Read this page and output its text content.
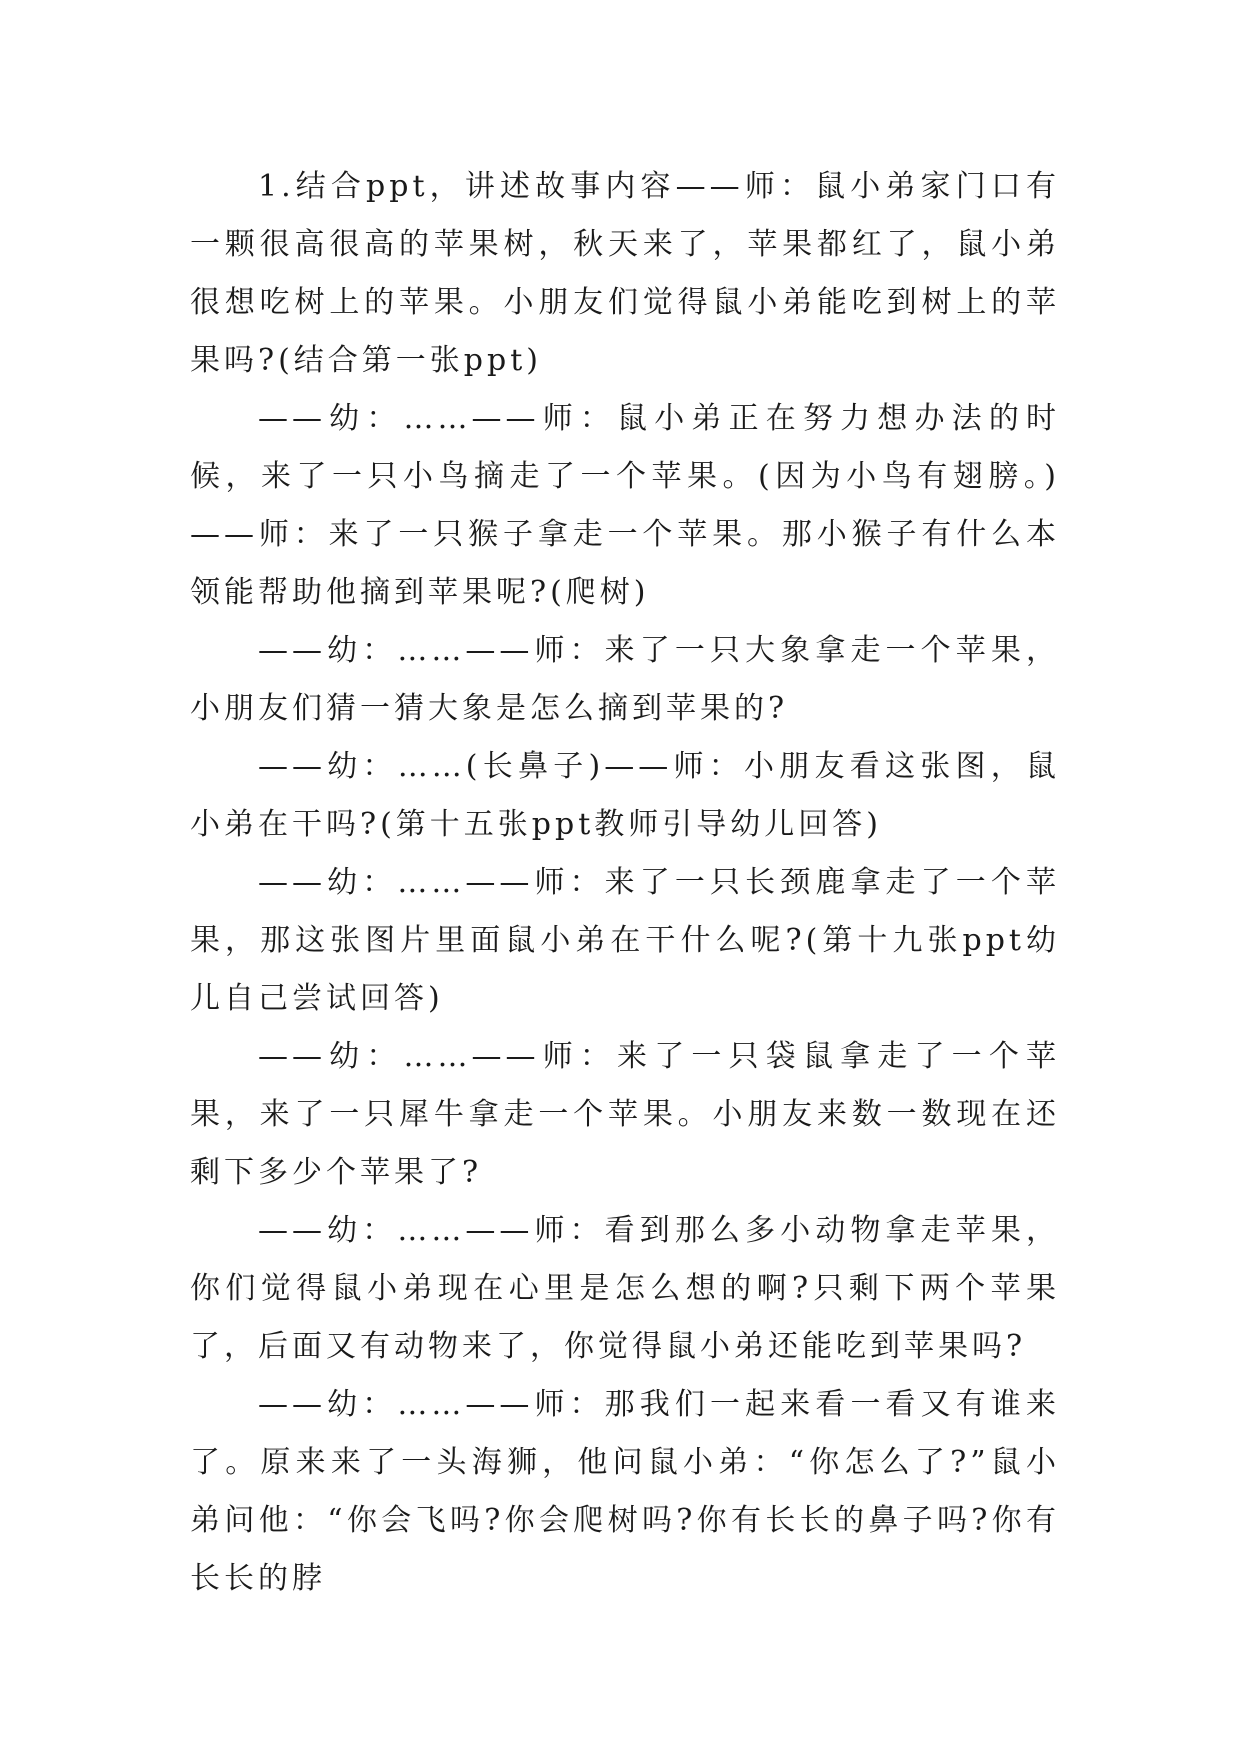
1.结合ppt，讲述故事内容——师：鼠小弟家门口有一颗很高很高的苹果树，秋天来了，苹果都红了，鼠小弟很想吃树上的苹果。小朋友们觉得鼠小弟能吃到树上的苹果吗?(结合第一张ppt)

——幼：……——师：鼠小弟正在努力想办法的时候，来了一只小鸟摘走了一个苹果。(因为小鸟有翅膀。)——师：来了一只猴子拿走一个苹果。那小猴子有什么本领能帮助他摘到苹果呢?(爬树)

——幼：……——师：来了一只大象拿走一个苹果，小朋友们猜一猜大象是怎么摘到苹果的?

——幼：……(长鼻子)——师：小朋友看这张图，鼠小弟在干吗?(第十五张ppt教师引导幼儿回答)

——幼：……——师：来了一只长颈鹿拿走了一个苹果，那这张图片里面鼠小弟在干什么呢?(第十九张ppt幼儿自己尝试回答)

——幼：……——师：来了一只袋鼠拿走了一个苹果，来了一只犀牛拿走一个苹果。小朋友来数一数现在还剩下多少个苹果了?

——幼：……——师：看到那么多小动物拿走苹果，你们觉得鼠小弟现在心里是怎么想的啊?只剩下两个苹果了，后面又有动物来了，你觉得鼠小弟还能吃到苹果吗?

——幼：……——师：那我们一起来看一看又有谁来了。原来来了一头海狮，他问鼠小弟：“你怎么了?”鼠小弟问他：“你会飞吗?你会爬树吗?你有长长的鼻子吗?你有长长的脖
